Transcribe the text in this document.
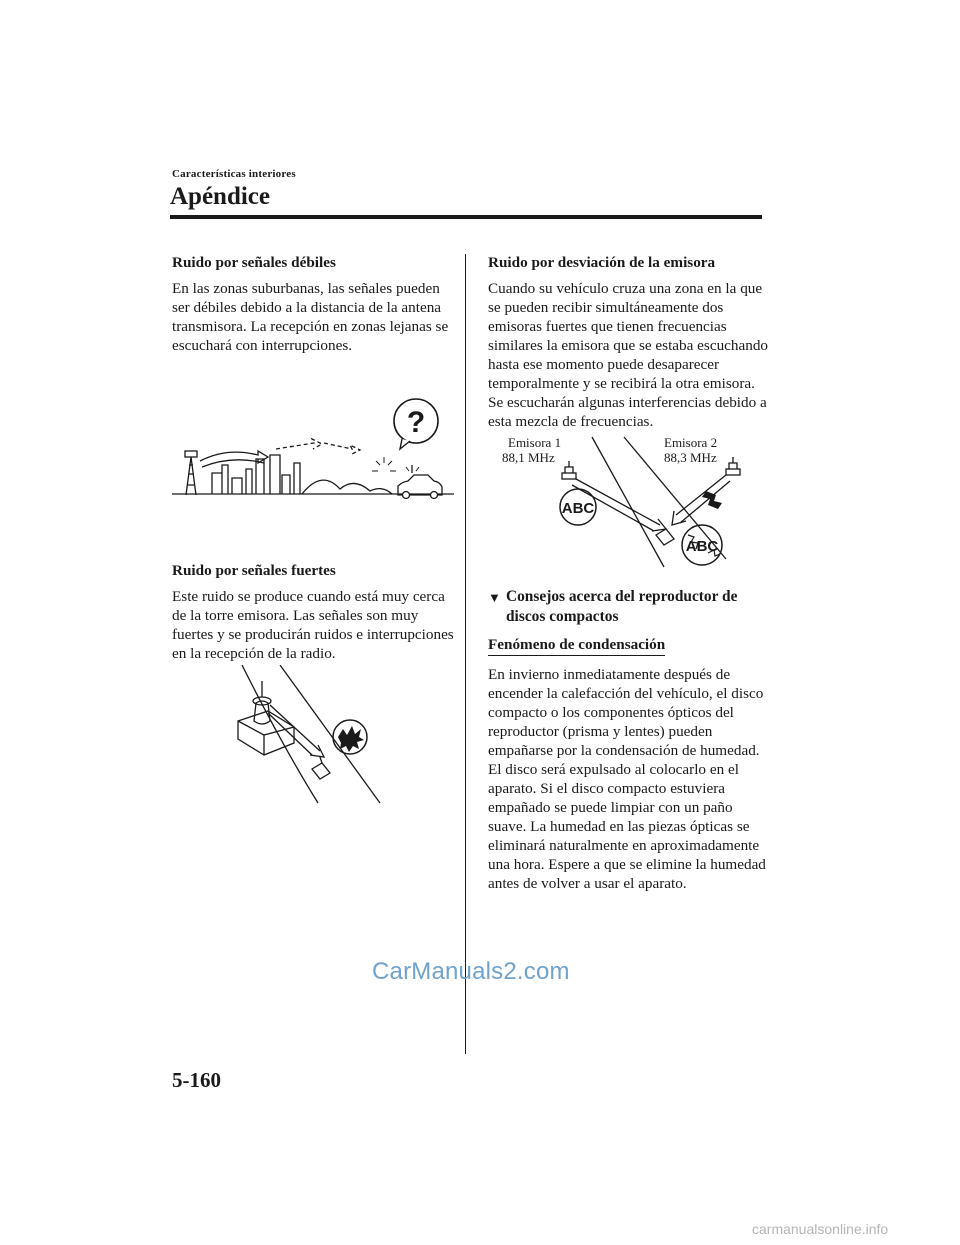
Características interiores
Apéndice
Ruido por señales débiles

En las zonas suburbanas, las señales pueden ser débiles debido a la distancia de la antena transmisora. La recepción en zonas lejanas se escuchará con interrupciones.

?
Ruido por señales fuertes

Este ruido se produce cuando está muy cerca de la torre emisora. Las señales son muy fuertes y se producirán ruidos e interrupciones en la recepción de la radio.

Ruido por desviación de la emisora

Cuando su vehículo cruza una zona en la que se pueden recibir simultáneamente dos emisoras fuertes que tienen frecuencias similares la emisora que se estaba escuchando hasta ese momento puede desaparecer temporalmente y se recibirá la otra emisora. Se escucharán algunas interferencias debido a esta mezcla de frecuencias.

Emisora 1
88,1 MHz
Emisora 2
88,3 MHz
ABC
ABC
▼ Consejos acerca del reproductor de discos compactos
Fenómeno de condensación

En invierno inmediatamente después de encender la calefacción del vehículo, el disco compacto o los componentes ópticos del reproductor (prisma y lentes) pueden empañarse por la condensación de humedad. El disco será expulsado al colocarlo en el aparato. Si el disco compacto estuviera empañado se puede limpiar con un paño suave. La humedad en las piezas ópticas se eliminará naturalmente en aproximadamente una hora. Espere a que se elimine la humedad antes de volver a usar el aparato.

CarManuals2.com
5-160
carmanualsonline.info
